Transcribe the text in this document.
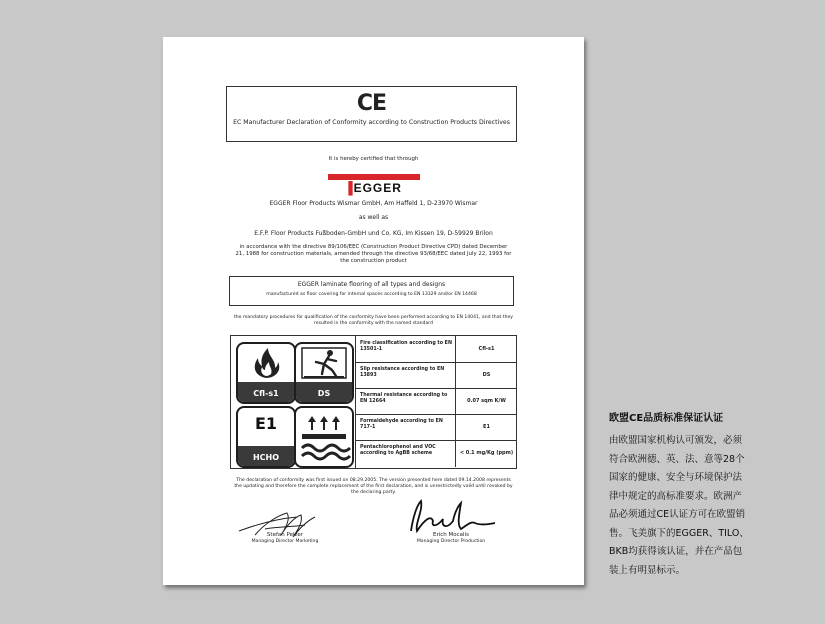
CE
EC Manufacturer Declaration of Conformity according to Construction Products Directives
It is hereby certified that through
▐EGGER
EGGER Floor Products Wismar GmbH, Am Haffeld 1, D-23970 Wismar
as well as
E.F.P. Floor Products Fußboden-GmbH und Co. KG, Im Kissen 19, D-59929 Brilon
in accordance with the directive 89/106/EEC (Construction Product Directive CPD) dated December 21, 1988 for construction materials, amended through the directive 93/68/EEC dated July 22, 1993 for the construction product
EGGER laminate flooring of all types and designs
manufactured as floor covering for internal spaces according to EN 13329 and/or EN 14468
the mandatory procedures for qualification of the conformity have been performed according to EN 14041, and that they resulted in the conformity with the named standard
Cfl-s1	DS
E1
HCHO
Fire classification according to EN 13501-1	Cfl-s1
Slip resistance according to EN 13893	DS
Thermal resistance according to EN 12664	0.07 sqm K/W
Formaldehyde according to EN 717-1	E1
Pentachlorophenol and VOC according to AgBB scheme	< 0.1 mg/Kg (ppm)
The declaration of conformity was first issued on 08.29.2005. The version presented here dated 09.14.2008 represents the updating and therefore the complete replacement of the first declaration, and is unrestrictedly valid until revoked by the declaring party.
Stefan Pelzer
Managing Director Marketing
Erich Mocalis
Managing Director Production
欧盟CE品质标准保证认证
由欧盟国家机构认可颁发，必须
符合欧洲德、英、法、意等28个
国家的健康、安全与环境保护法
律中规定的高标准要求。欧洲产
品必须通过CE认证方可在欧盟销
售。飞美旗下的EGGER、TILO、
BKB均获得该认证，并在产品包
装上有明显标示。
